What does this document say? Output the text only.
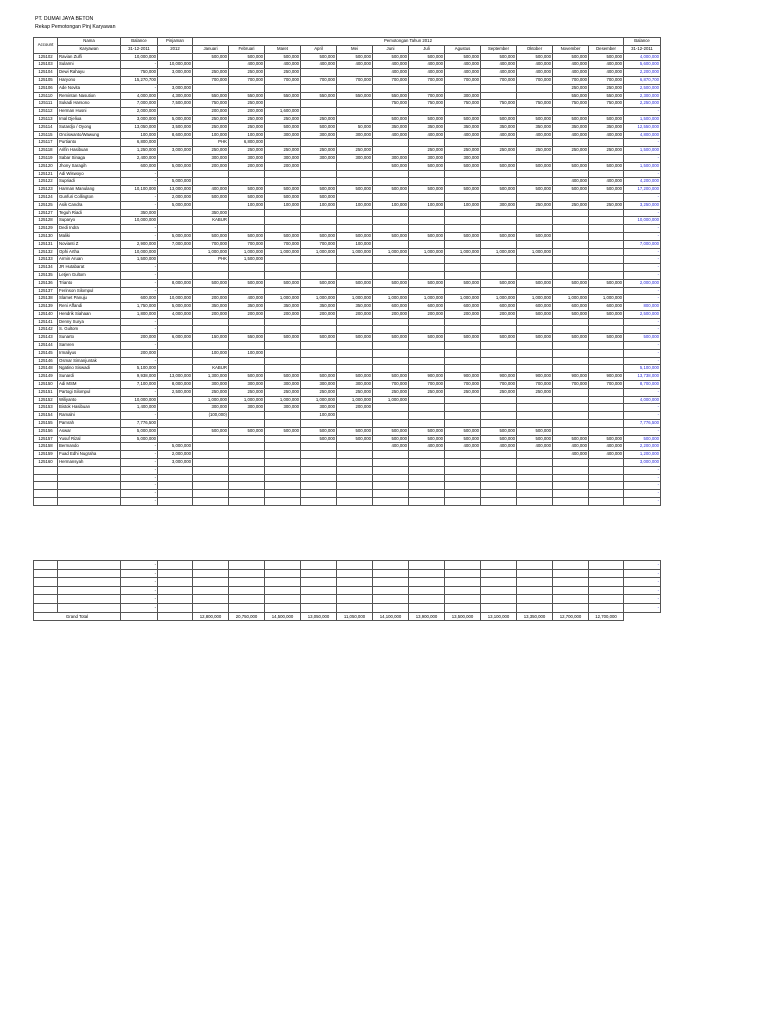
PT. DUMAI JAYA BETON
Rekap Pemotongan Pinj Karyawan
Account	Nama	Balance	Pinjaman	Pemotongan Tahun 2012												Balance
	Karyawan	31-12-2011	2012	Januari	Februari	Maret	April	Mei	Juni	Juli	Agustus	September	Oktober	November	Desember	31-12-2011
125102	Ravian Zulfi	10,000,000		500,000	500,000	500,000	500,000	500,000	500,000	500,000	500,000	500,000	500,000	500,000	500,000	4,000,000
125103	Sularmi	-	10,000,000		400,000	400,000	400,000	400,000	400,000	400,000	400,000	400,000	400,000	400,000	400,000	5,600,000
125104	Dewi Rahayu	750,000	3,000,000	250,000	250,000	250,000			400,000	400,000	400,000	400,000	400,000	400,000	400,000	2,200,000
125105	Haryono	15,270,700		700,000	700,000	700,000	700,000	700,000	700,000	700,000	700,000	700,000	700,000	700,000	700,000	6,870,700
125106	Ade Novita	-	3,000,000											250,000	250,000	2,500,000
125110	Remintan Nasution	4,000,000	4,300,000	550,000	550,000	550,000	550,000	550,000	550,000	700,000	300,000			550,000	550,000	2,300,000
125111	Sukadi Harsono	7,000,000	7,500,000	750,000	250,000				750,000	750,000	750,000	750,000	750,000	750,000	750,000	2,250,000
125112	Herman Husni	2,000,000		200,000	200,000	1,600,000										-
125113	Imal Djeliua	3,000,000	5,000,000	250,000	250,000	250,000	250,000		500,000	500,000	500,000	500,000	500,000	500,000	500,000	1,500,000
125114	Sutardjo / Oyong	13,050,000	3,500,000	250,000	250,000	500,000	500,000	50,000	350,000	350,000	350,000	350,000	350,000	350,000	350,000	12,550,000
125115	Onciswanto/Wawung	100,000	8,600,000	100,000	100,000	300,000	300,000	300,000	400,000	400,000	400,000	400,000	400,000	400,000	400,000	4,800,000
125117	Purtianto	6,800,000		PHK	6,800,000											-
125118	Arifin Hasibuan	1,250,000	3,000,000	250,000	250,000	250,000	250,000	250,000		250,000	250,000	250,000	250,000	250,000	250,000	1,500,000
125119	Sabar Sinaga	2,400,000		300,000	300,000	300,000	300,000	300,000	300,000	300,000	300,000					-
125120	Jhony Saragih	600,000	5,000,000	200,000	200,000	200,000			500,000	500,000	500,000	500,000	500,000	500,000	500,000	1,500,000
125121	Adi Wiswoyo	-														-
125122	Supriadi	-	5,000,000											400,000	400,000	4,200,000
125123	Harman Manulang	10,100,000	13,000,000	400,000	500,000	500,000	500,000	500,000	500,000	500,000	500,000	500,000	500,000	500,000	500,000	17,200,000
125124	Gunfuri Collington	-	2,000,000	500,000	500,000	500,000	500,000									-
125125	Asik Candra	-	5,000,000		100,000	100,000	100,000	100,000	100,000	100,000	100,000	300,000	250,000	250,000	250,000	3,250,000
125127	Teguh Riadi	350,000		350,000												-
125128	Suparyo	10,000,000		KABUR												10,000,000
125129	Dedi Indra	-														-
125130	Maliki	-	5,000,000	500,000	500,000	500,000	500,000	500,000	500,000	500,000	500,000	500,000	500,000			-
125131	Novianti Z	2,900,000	7,000,000	700,000	700,000	700,000	700,000	100,000								7,000,000
125132	Ophi Artha	10,000,000		1,000,000	1,000,000	1,000,000	1,000,000	1,000,000	1,000,000	1,000,000	1,000,000	1,000,000	1,000,000			-
125133	Armin Aruan	1,500,000		PHK	1,500,000											-
125134	JR Hutabarat	-														-
125135	Letjen Gultom	-														-
125136	Trianto	-	8,000,000	500,000	500,000	500,000	500,000	500,000	500,000	500,000	500,000	500,000	500,000	500,000	500,000	2,000,000
125137	Ferinson Silompul	-														-
125138	Slamet Panuju	600,000	10,000,000	200,000	400,000	1,000,000	1,000,000	1,000,000	1,000,000	1,000,000	1,000,000	1,000,000	1,000,000	1,000,000	1,000,000	-
125139	Reni Affandi	1,750,000	5,000,000	350,000	350,000	350,000	350,000	350,000	600,000	600,000	600,000	600,000	600,000	600,000	600,000	800,000
125140	Hendrik Siahaan	1,800,000	4,000,000	200,000	200,000	200,000	200,000	200,000	200,000	200,000	200,000	200,000	500,000	500,000	500,000	2,500,000
125141	Denny Surya	-														-
125142	S. Gultom	-														-
125143	Sunarto	200,000	6,000,000	150,000	550,000	500,000	500,000	500,000	500,000	500,000	500,000	500,000	500,000	500,000	500,000	500,000
125144	Samren	-														-
125145	Irmaliyus	200,000		100,000	100,000											-
125146	Osmar Simanjuntak	-														-
125148	Ngatino Siswadi	5,100,000		KABUR												5,100,000
125149	Sunardi	9,938,000	13,000,000	1,300,000	500,000	500,000	500,000	500,000	500,000	900,000	900,000	900,000	900,000	900,000	900,000	13,738,000
125150	Adi MSM	7,100,000	8,000,000	300,000	300,000	300,000	300,000	300,000	700,000	700,000	700,000	700,000	700,000	700,000	700,000	8,700,000
125151	Partogi Silompul	-	2,500,000	250,000	250,000	250,000	250,000	250,000	250,000	250,000	250,000	250,000	250,000			-
125152	Wiliyanto	10,000,000		1,000,000	1,000,000	1,000,000	1,000,000	1,000,000	1,000,000							4,000,000
125153	Bistok Hasibuan	1,400,000		300,000	300,000	300,000	300,000	200,000								-
125154	Ramalni	-		(100,000)			100,000									-
125155	Pamrah	7,776,500														7,776,500
125156	Aswar	5,000,000		500,000	500,000	500,000	500,000	500,000	500,000	500,000	500,000	500,000	500,000			-
125157	Yusuf Rizal	5,000,000					500,000	500,000	500,000	500,000	500,000	500,000	500,000	500,000	500,000	500,000
125158	Bermando	-	5,000,000						400,000	400,000	400,000	400,000	400,000	400,000	400,000	2,200,000
125159	Fuad Edhi Nugraha	-	2,000,000											400,000	400,000	1,200,000
125160	Hermansyah	-	3,000,000													3,000,000
		-														-
		-														-
		-														-
		-														-
		-														-
		-														-
		-														-
		-														-
		-														-
		-														-
		-														-
Grand Total				12,800,000	20,750,000	14,500,000	13,050,000	11,050,000	14,100,000	13,900,000	13,500,000	13,100,000	13,350,000	12,700,000	12,700,000	
